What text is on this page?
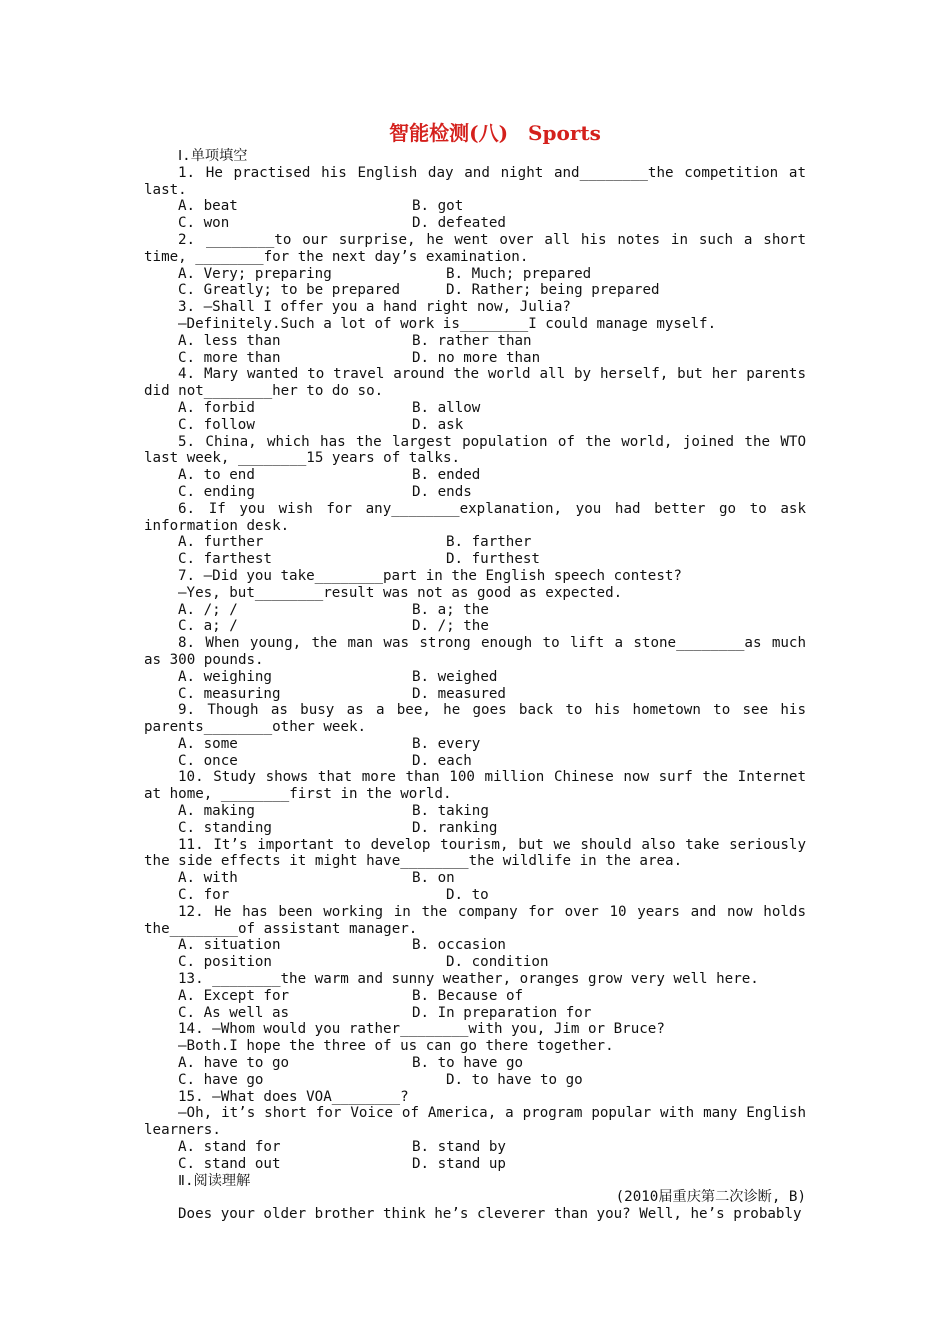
智能检测(八)　Sports
Ⅰ.单项填空
1. He practised his English day and night and________the competition at last.
A. beat	B. got
C. won	D. defeated
2. ________to our surprise, he went over all his notes in such a short time, ________for the next day’s examination.
A. Very; preparing	B. Much; prepared
C. Greatly; to be prepared	D. Rather; being prepared
3. —Shall I offer you a hand right now, Julia?
—Definitely.Such a lot of work is________I could manage myself.
A. less than	B. rather than
C. more than	D. no more than
4. Mary wanted to travel around the world all by herself, but her parents did not________her to do so.
A. forbid	B. allow
C. follow	D. ask
5. China, which has the largest population of the world, joined the WTO last week, ________15 years of talks.
A. to end	B. ended
C. ending	D. ends
6. If you wish for any________explanation, you had better go to ask information desk.
A. further	B. farther
C. farthest	D. furthest
7. —Did you take________part in the English speech contest?
—Yes, but________result was not as good as expected.
A. /; /	B. a; the
C. a; /	D. /; the
8. When young, the man was strong enough to lift a stone________as much as 300 pounds.
A. weighing	B. weighed
C. measuring	D. measured
9. Though as busy as a bee, he goes back to his hometown to see his parents________other week.
A. some	B. every
C. once	D. each
10. Study shows that more than 100 million Chinese now surf the Internet at home, ________first in the world.
A. making	B. taking
C. standing	D. ranking
11. It’s important to develop tourism, but we should also take seriously the side effects it might have________the wildlife in the area.
A. with	B. on
C. for	D. to
12. He has been working in the company for over 10 years and now holds the________of assistant manager.
A. situation	B. occasion
C. position	D. condition
13. ________the warm and sunny weather, oranges grow very well here.
A. Except for	B. Because of
C. As well as	D. In preparation for
14. —Whom would you rather________with you, Jim or Bruce?
—Both.I hope the three of us can go there together.
A. have to go	B. to have go
C. have go	D. to have to go
15. —What does VOA________?
—Oh, it’s short for Voice of America, a program popular with many English learners.
A. stand for	B. stand by
C. stand out	D. stand up
Ⅱ.阅读理解
(2010届重庆第二次诊断, B)
Does your older brother think he’s cleverer than you? Well, he’s probably
